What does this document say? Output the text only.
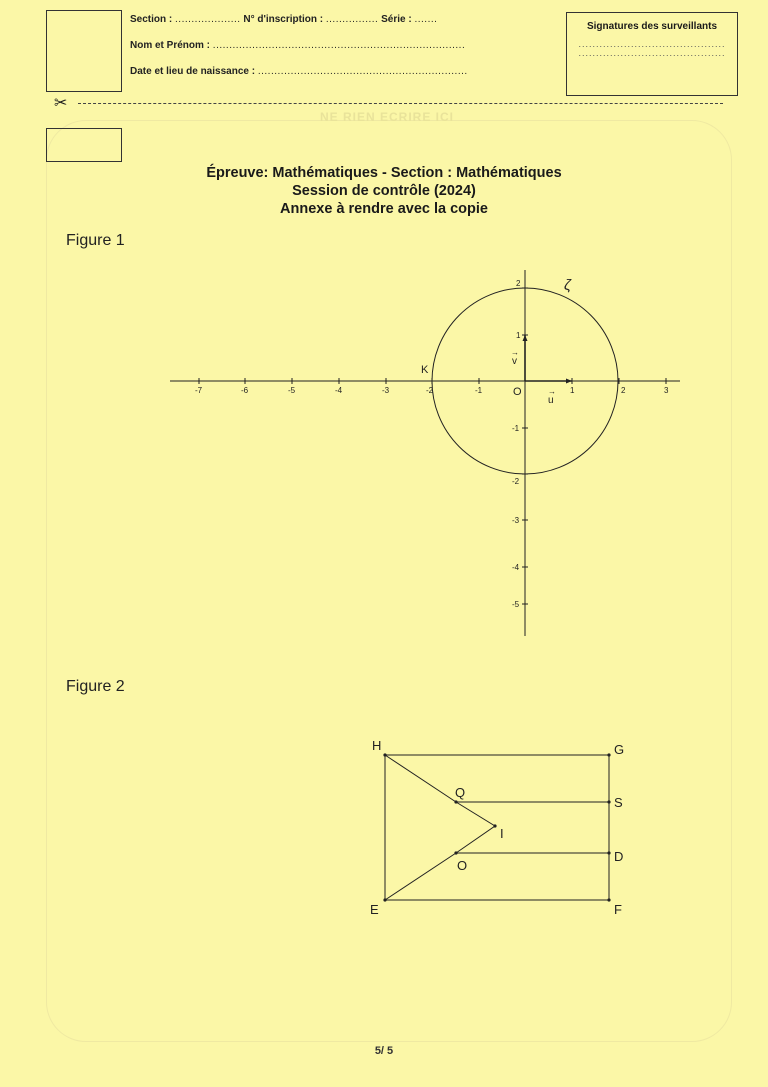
Section : .................... N° d'inscription : ................ Série : .......
Nom et Prénom : .............................................................................
Date et lieu de naissance : ................................................................
Signatures des surveillants
..........................................
..........................................
✂
NE RIEN ECRIRE ICI
Épreuve: Mathématiques - Section : Mathématiques
Session de contrôle (2024)
Annexe à rendre avec la copie
Figure 1
-7	-6	-5	-4	-3	-2	-1	1	2	3
2
1
-1
-2
-3
-4
-5
ζ
K
O
u
→
v
→
Figure 2
H	G
Q
S
I
O
D
E	F
5/ 5
